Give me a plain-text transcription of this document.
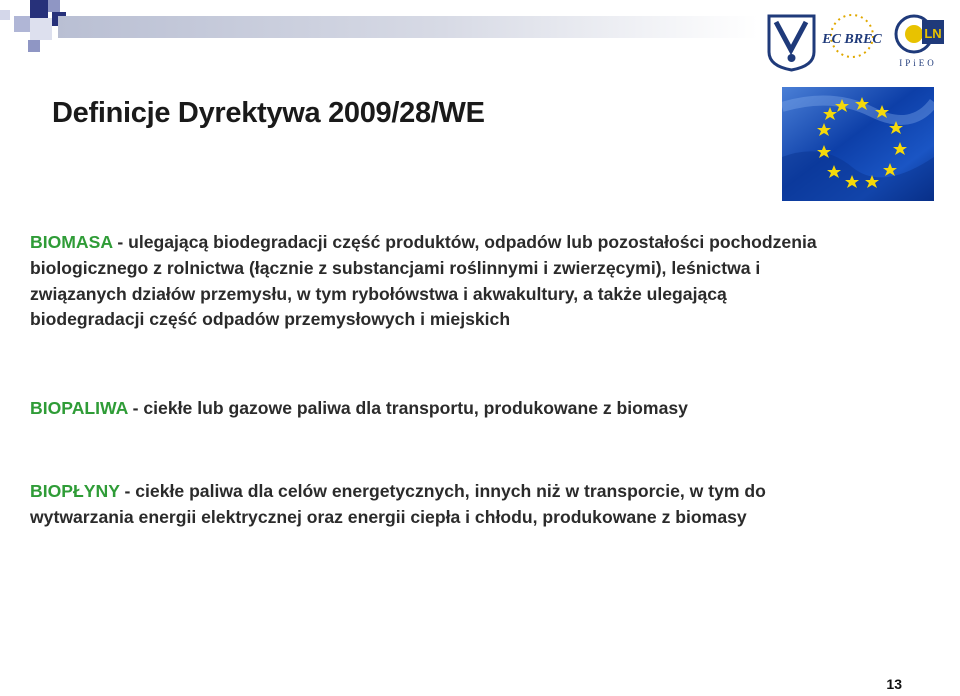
EC BREC	LN
IPiEO
Definicje Dyrektywa 2009/28/WE
BIOMASA - ulegającą biodegradacji część produktów, odpadów lub pozostałości pochodzenia biologicznego z rolnictwa (łącznie z substancjami roślinnymi i zwierzęcymi), leśnictwa i związanych działów przemysłu, w tym rybołówstwa i akwakultury, a także ulegającą biodegradacji część odpadów przemysłowych i miejskich
BIOPALIWA - ciekłe lub gazowe paliwa dla transportu, produkowane z biomasy
BIOPŁYNY - ciekłe paliwa dla celów energetycznych, innych niż w transporcie, w tym do wytwarzania energii elektrycznej oraz energii ciepła i chłodu, produkowane z biomasy
13
